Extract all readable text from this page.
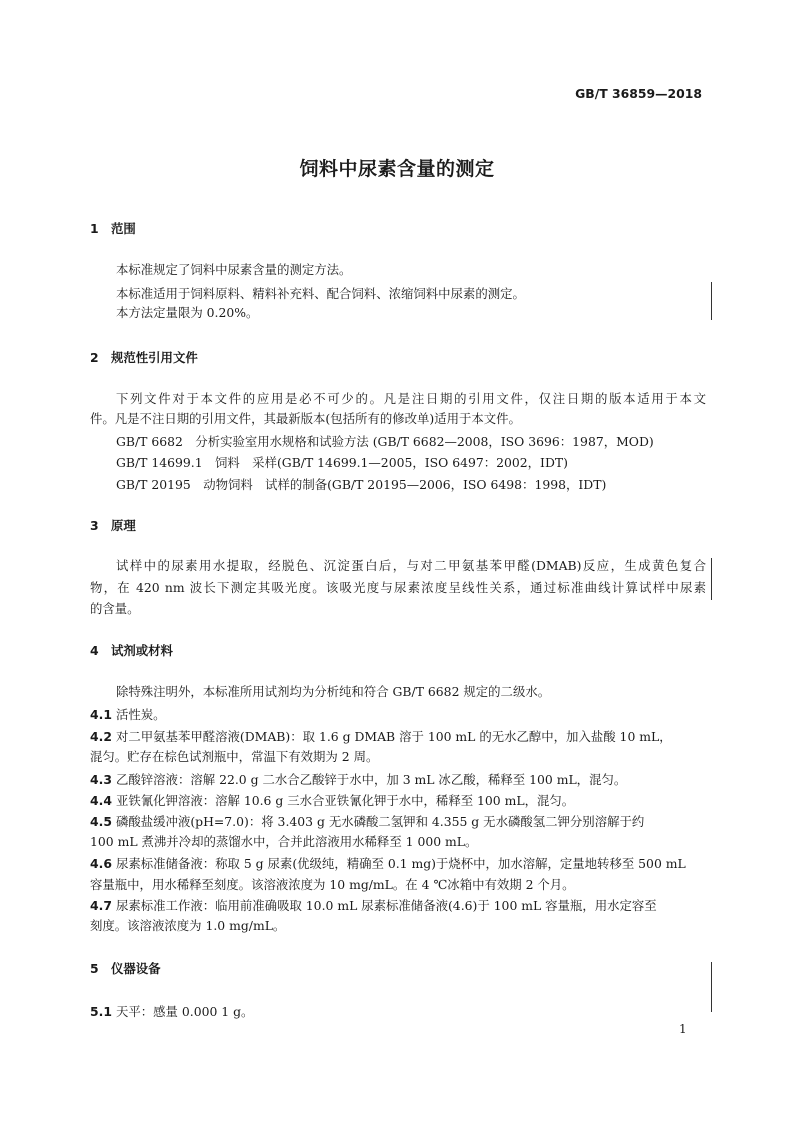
GB/T 36859—2018
饲料中尿素含量的测定
1 范围
本标准规定了饲料中尿素含量的测定方法。
本标准适用于饲料原料、精料补充料、配合饲料、浓缩饲料中尿素的测定。
本方法定量限为 0.20%。
2 规范性引用文件
下列文件对于本文件的应用是必不可少的。凡是注日期的引用文件，仅注日期的版本适用于本文
件。凡是不注日期的引用文件，其最新版本(包括所有的修改单)适用于本文件。
GB/T 6682　分析实验室用水规格和试验方法 (GB/T 6682—2008，ISO 3696：1987，MOD)
GB/T 14699.1　饲料　采样(GB/T 14699.1—2005，ISO 6497：2002，IDT)
GB/T 20195　动物饲料　试样的制备(GB/T 20195—2006，ISO 6498：1998，IDT)
3 原理
试样中的尿素用水提取，经脱色、沉淀蛋白后，与对二甲氨基苯甲醛(DMAB)反应，生成黄色复合
物，在 420 nm 波长下测定其吸光度。该吸光度与尿素浓度呈线性关系，通过标准曲线计算试样中尿素
的含量。
4 试剂或材料
除特殊注明外，本标准所用试剂均为分析纯和符合 GB/T 6682 规定的二级水。
4.1 活性炭。
4.2 对二甲氨基苯甲醛溶液(DMAB)：取 1.6 g DMAB 溶于 100 mL 的无水乙醇中，加入盐酸 10 mL，
混匀。贮存在棕色试剂瓶中，常温下有效期为 2 周。
4.3 乙酸锌溶液：溶解 22.0 g 二水合乙酸锌于水中，加 3 mL 冰乙酸，稀释至 100 mL，混匀。
4.4 亚铁氰化钾溶液：溶解 10.6 g 三水合亚铁氰化钾于水中，稀释至 100 mL，混匀。
4.5 磷酸盐缓冲液(pH=7.0)：将 3.403 g 无水磷酸二氢钾和 4.355 g 无水磷酸氢二钾分别溶解于约
100 mL 煮沸并冷却的蒸馏水中，合并此溶液用水稀释至 1 000 mL。
4.6 尿素标准储备液：称取 5 g 尿素(优级纯，精确至 0.1 mg)于烧杯中，加水溶解，定量地转移至 500 mL
容量瓶中，用水稀释至刻度。该溶液浓度为 10 mg/mL。在 4 ℃冰箱中有效期 2 个月。
4.7 尿素标准工作液：临用前准确吸取 10.0 mL 尿素标准储备液(4.6)于 100 mL 容量瓶，用水定容至
刻度。该溶液浓度为 1.0 mg/mL。
5 仪器设备
5.1 天平：感量 0.000 1 g。
1
